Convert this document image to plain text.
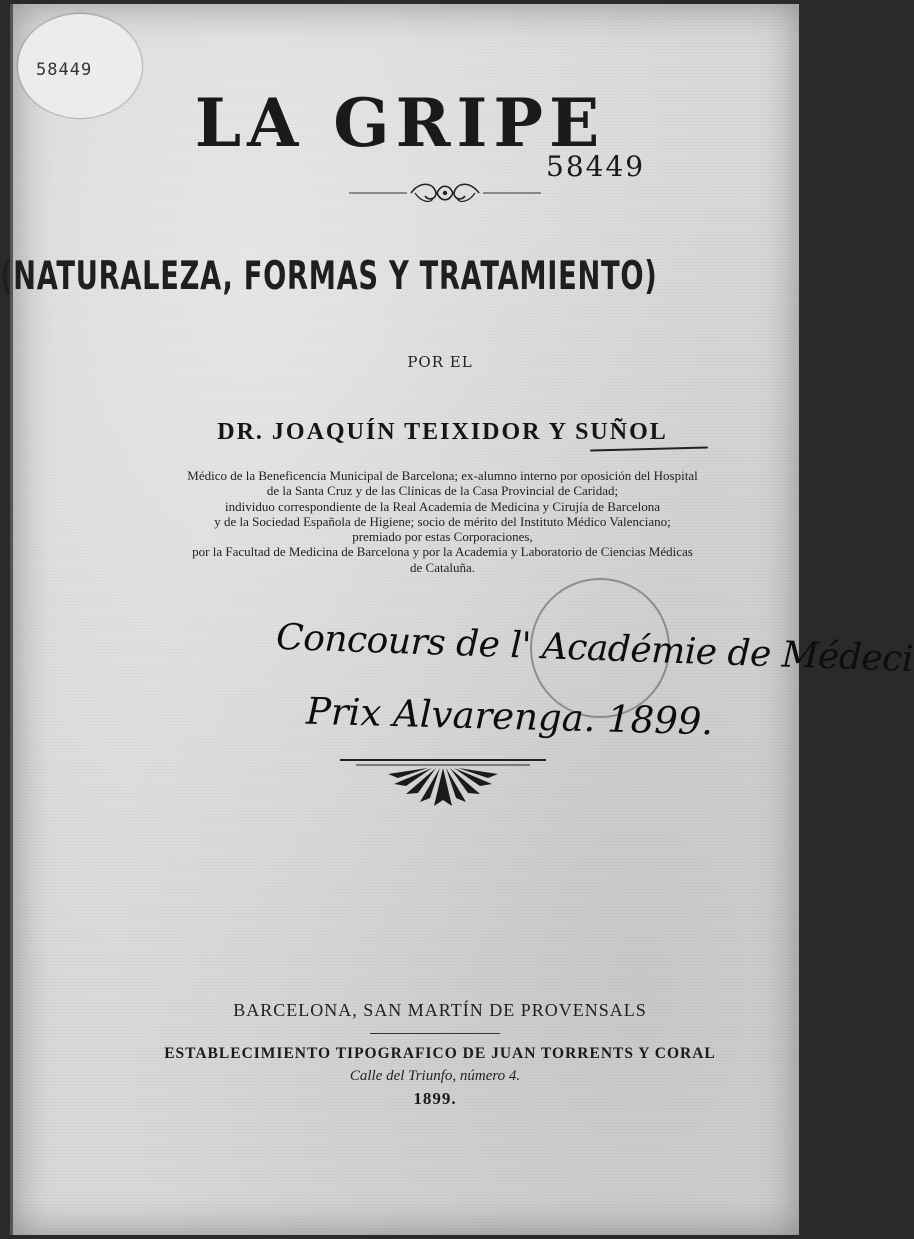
58449
LA GRIPE
58449
(NATURALEZA, FORMAS Y TRATAMIENTO)
POR EL
DR. JOAQUÍN TEIXIDOR Y SUÑOL
Médico de la Beneficencia Municipal de Barcelona; ex-alumno interno por oposición del Hospital
de la Santa Cruz y de las Clínicas de la Casa Provincial de Caridad;
individuo correspondiente de la Real Academia de Medicina y Cirujía de Barcelona
y de la Sociedad Española de Higiene; socio de mérito del Instituto Médico Valenciano;
premiado por estas Corporaciones,
por la Facultad de Medicina de Barcelona y por la Academia y Laboratorio de Ciencias Médicas
de Cataluña.
Concours de l' Académie de Médeci
Prix Alvarenga. 1899.
BARCELONA, SAN MARTÍN DE PROVENSALS
ESTABLECIMIENTO TIPOGRAFICO DE JUAN TORRENTS Y CORAL
Calle del Triunfo, número 4.
1899.
